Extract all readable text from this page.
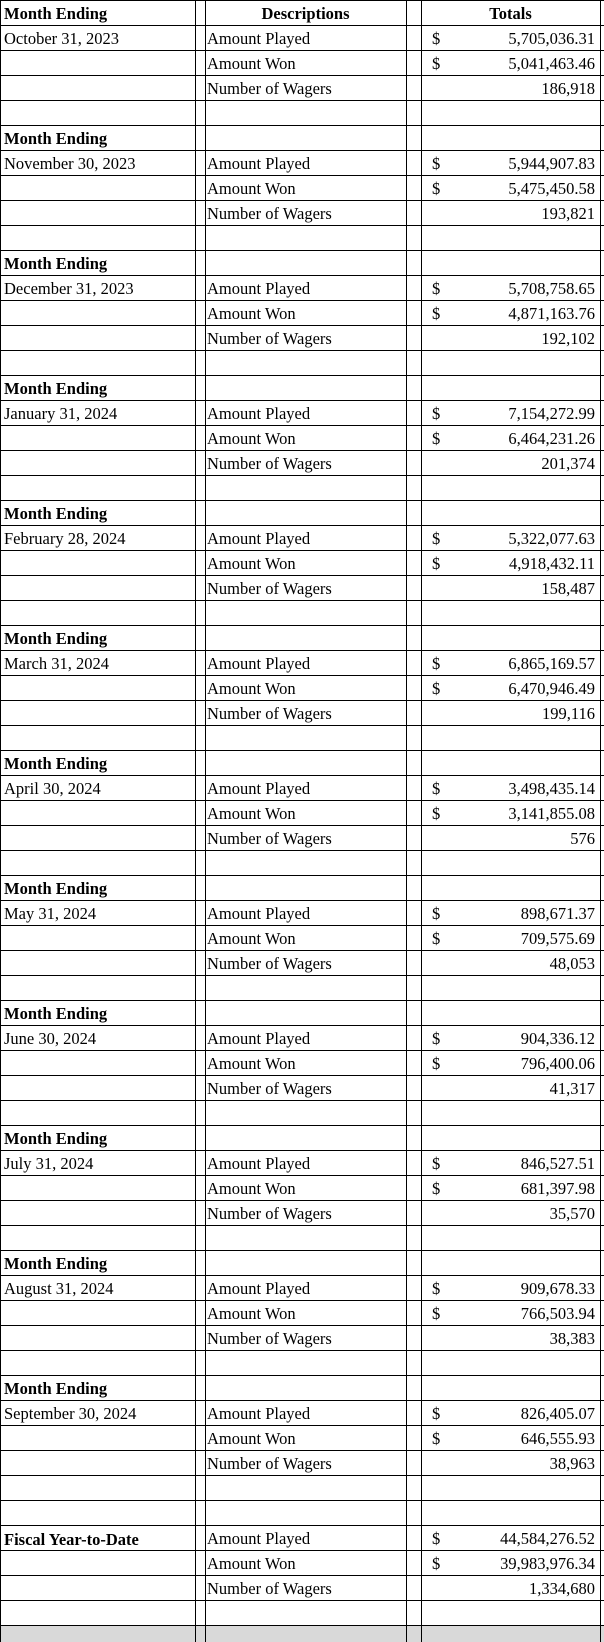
Month Ending	Descriptions	Totals
October 31, 2023	Amount Played	$	5,705,036.31
Amount Won	$	5,041,463.46
Number of Wagers	186,918
Month Ending
November 30, 2023	Amount Played	$	5,944,907.83
Amount Won	$	5,475,450.58
Number of Wagers	193,821
Month Ending
December 31, 2023	Amount Played	$	5,708,758.65
Amount Won	$	4,871,163.76
Number of Wagers	192,102
Month Ending
January 31, 2024	Amount Played	$	7,154,272.99
Amount Won	$	6,464,231.26
Number of Wagers	201,374
Month Ending
February 28, 2024	Amount Played	$	5,322,077.63
Amount Won	$	4,918,432.11
Number of Wagers	158,487
Month Ending
March 31, 2024	Amount Played	$	6,865,169.57
Amount Won	$	6,470,946.49
Number of Wagers	199,116
Month Ending
April 30, 2024	Amount Played	$	3,498,435.14
Amount Won	$	3,141,855.08
Number of Wagers	576
Month Ending
May 31, 2024	Amount Played	$	898,671.37
Amount Won	$	709,575.69
Number of Wagers	48,053
Month Ending
June 30, 2024	Amount Played	$	904,336.12
Amount Won	$	796,400.06
Number of Wagers	41,317
Month Ending
July 31, 2024	Amount Played	$	846,527.51
Amount Won	$	681,397.98
Number of Wagers	35,570
Month Ending
August 31, 2024	Amount Played	$	909,678.33
Amount Won	$	766,503.94
Number of Wagers	38,383
Month Ending
September 30, 2024	Amount Played	$	826,405.07
Amount Won	$	646,555.93
Number of Wagers	38,963
Fiscal Year-to-Date	Amount Played	$	44,584,276.52
Amount Won	$	39,983,976.34
Number of Wagers	1,334,680
